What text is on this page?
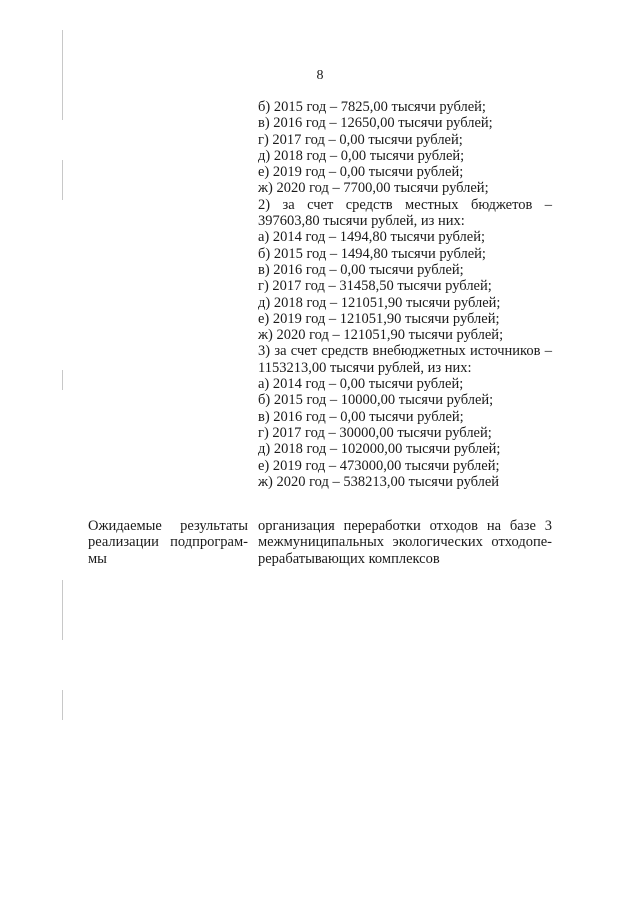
8
б) 2015 год – 7825,00 тысячи рублей;
в) 2016 год – 12650,00 тысячи рублей;
г) 2017 год – 0,00 тысячи рублей;
д) 2018 год – 0,00 тысячи рублей;
е) 2019 год – 0,00 тысячи рублей;
ж) 2020 год – 7700,00 тысячи рублей;
2) за счет средств местных бюджетов –
397603,80 тысячи рублей, из них:
а) 2014 год – 1494,80 тысячи рублей;
б) 2015 год – 1494,80 тысячи рублей;
в) 2016 год – 0,00 тысячи рублей;
г) 2017 год – 31458,50 тысячи рублей;
д) 2018 год – 121051,90 тысячи рублей;
е) 2019 год – 121051,90 тысячи рублей;
ж) 2020 год – 121051,90 тысячи рублей;
3) за счет средств внебюджетных источников –
1153213,00 тысячи рублей, из них:
а) 2014 год – 0,00 тысячи рублей;
б) 2015 год – 10000,00 тысячи рублей;
в) 2016 год – 0,00 тысячи рублей;
г) 2017 год – 30000,00 тысячи рублей;
д) 2018 год – 102000,00 тысячи рублей;
е) 2019 год – 473000,00 тысячи рублей;
ж) 2020 год – 538213,00 тысячи рублей
Ожидаемые результаты
реализации подпрограм-
мы
организация переработки отходов на базе 3
межмуниципальных экологических отходопе-
рерабатывающих комплексов
